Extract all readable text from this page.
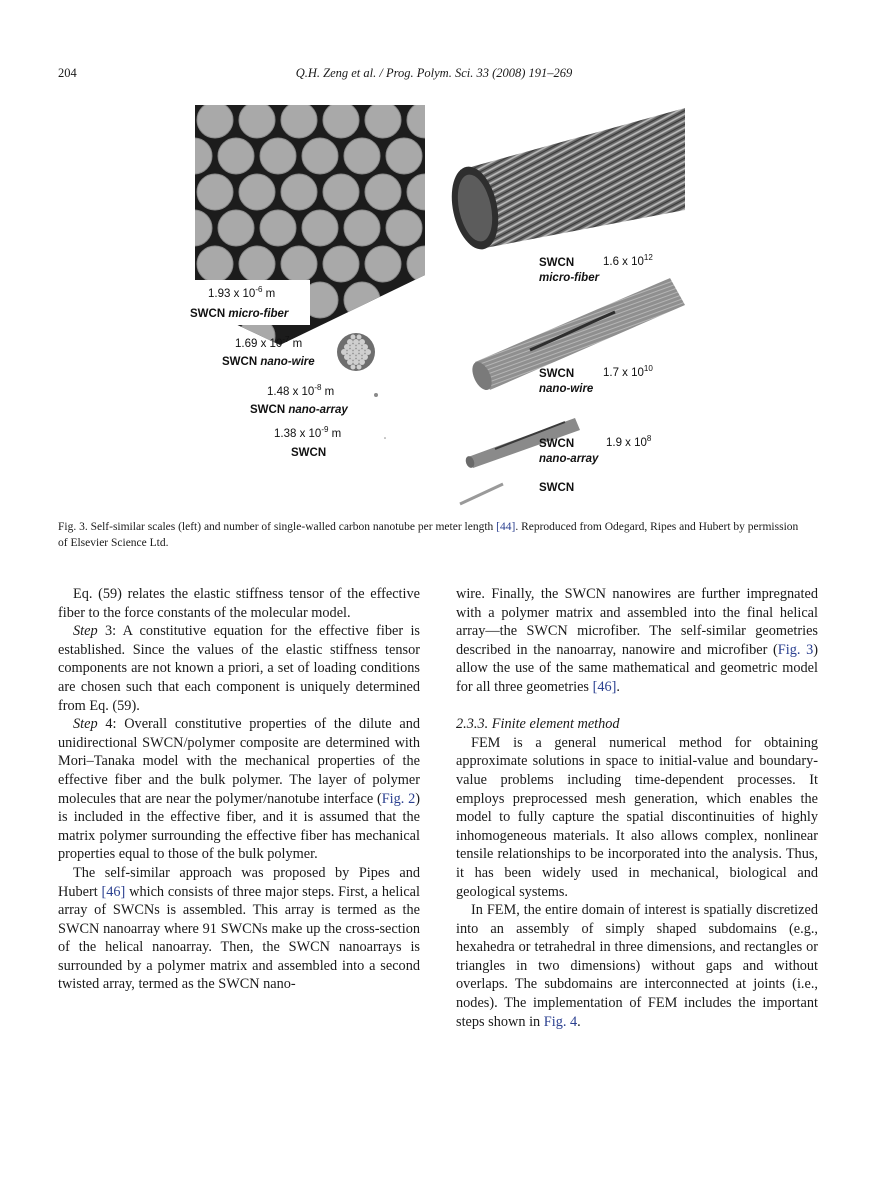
204	Q.H. Zeng et al. / Prog. Polym. Sci. 33 (2008) 191–269
1.93 x $10^{-6}$ m
SWCN micro-fiber
1.69 x $10^{-7}$ m
SWCN nano-wire
1.48 x $10^{-8}$ m
SWCN nano-array
1.38 x $10^{-9}$ m
SWCN
SWCN	1.6 x $10^{12}$
micro-fiber
SWCN	1.7 x $10^{10}$
nano-wire
SWCN	1.9 x $10^8$
nano-array
SWCN
Fig. 3. Self-similar scales (left) and number of single-walled carbon nanotube per meter length [44]. Reproduced from Odegard, Ripes and Hubert by permission of Elsevier Science Ltd.

Eq. (59) relates the elastic stiffness tensor of the effective fiber to the force constants of the molecular model.

Step 3: A constitutive equation for the effective fiber is established. Since the values of the elastic stiffness tensor components are not known a priori, a set of loading conditions are chosen such that each component is uniquely determined from Eq. (59).

Step 4: Overall constitutive properties of the dilute and unidirectional SWCN/polymer composite are determined with Mori–Tanaka model with the mechanical properties of the effective fiber and the bulk polymer. The layer of polymer molecules that are near the polymer/nanotube interface (Fig. 2) is included in the effective fiber, and it is assumed that the matrix polymer surrounding the effective fiber has mechanical properties equal to those of the bulk polymer.

The self-similar approach was proposed by Pipes and Hubert [46] which consists of three major steps. First, a helical array of SWCNs is assembled. This array is termed as the SWCN nanoarray where 91 SWCNs make up the cross-section of the helical nanoarray. Then, the SWCN nanoarrays is surrounded by a polymer matrix and assembled into a second twisted array, termed as the SWCN nano-

wire. Finally, the SWCN nanowires are further impregnated with a polymer matrix and assembled into the final helical array—the SWCN microfiber. The self-similar geometries described in the nanoarray, nanowire and microfiber (Fig. 3) allow the use of the same mathematical and geometric model for all three geometries [46].

2.3.3. Finite element method

FEM is a general numerical method for obtaining approximate solutions in space to initial-value and boundary-value problems including time-dependent processes. It employs preprocessed mesh generation, which enables the model to fully capture the spatial discontinuities of highly inhomogeneous materials. It also allows complex, nonlinear tensile relationships to be incorporated into the analysis. Thus, it has been widely used in mechanical, biological and geological systems.

In FEM, the entire domain of interest is spatially discretized into an assembly of simply shaped subdomains (e.g., hexahedra or tetrahedral in three dimensions, and rectangles or triangles in two dimensions) without gaps and without overlaps. The subdomains are interconnected at joints (i.e., nodes). The implementation of FEM includes the important steps shown in Fig. 4.
